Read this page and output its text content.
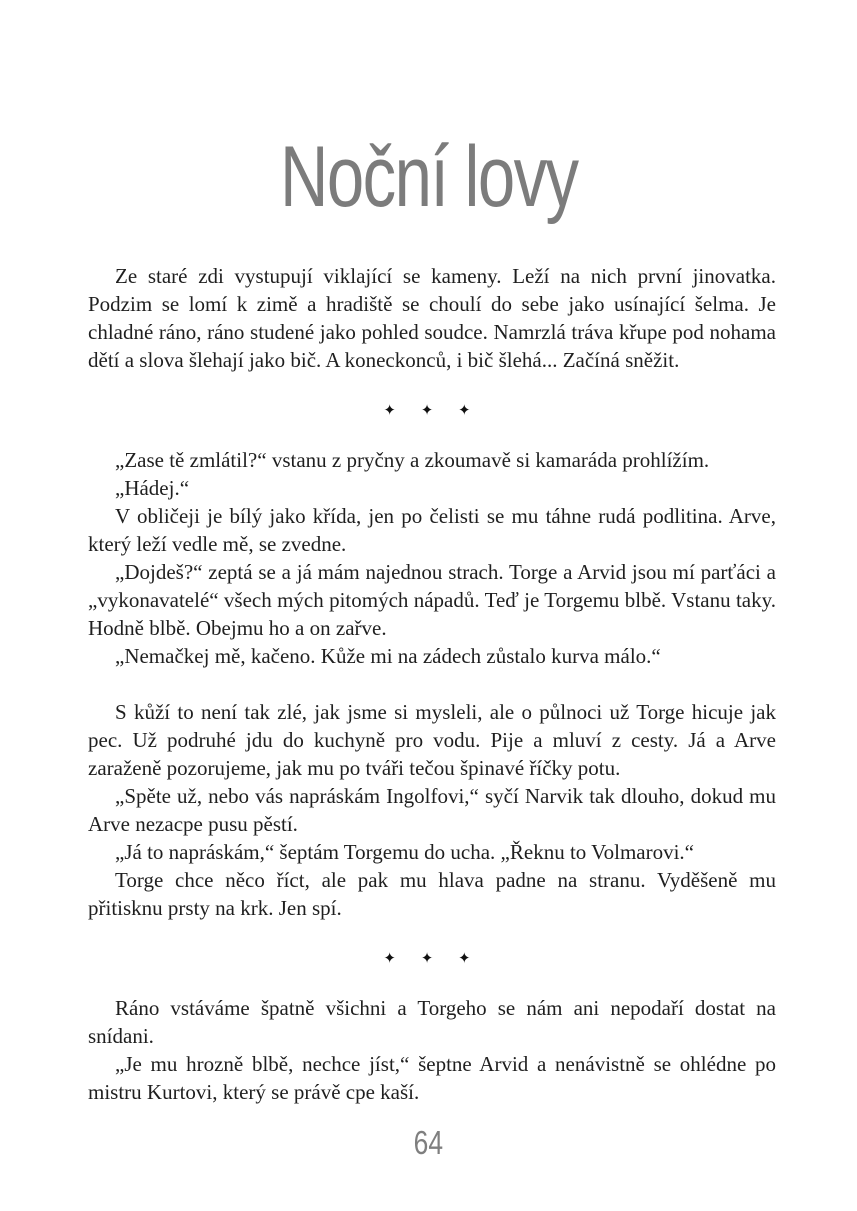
Noční lovy

Ze staré zdi vystupují viklající se kameny. Leží na nich první jinovatka. Podzim se lomí k zimě a hradiště se choulí do sebe jako usínající šelma. Je chladné ráno, ráno studené jako pohled soudce. Namrzlá tráva křupe pod nohama dětí a slova šlehají jako bič. A koneckonců, i bič šlehá... Začíná sněžit.

✦ ✦ ✦

„Zase tě zmlátil?“ vstanu z pryčny a zkoumavě si kamaráda prohlížím.

„Hádej.“

V obličeji je bílý jako křída, jen po čelisti se mu táhne rudá podlitina. Arve, který leží vedle mě, se zvedne.

„Dojdeš?“ zeptá se a já mám najednou strach. Torge a Arvid jsou mí parťáci a „vykonavatelé“ všech mých pitomých nápadů. Teď je Torgemu blbě. Vstanu taky. Hodně blbě. Obejmu ho a on zařve.

„Nemačkej mě, kačeno. Kůže mi na zádech zůstalo kurva málo.“

S kůží to není tak zlé, jak jsme si mysleli, ale o půlnoci už Torge hicuje jak pec. Už podruhé jdu do kuchyně pro vodu. Pije a mluví z cesty. Já a Arve zaraženě pozorujeme, jak mu po tváři tečou špinavé říčky potu.

„Spěte už, nebo vás napráskám Ingolfovi,“ syčí Narvik tak dlouho, dokud mu Arve nezacpe pusu pěstí.

„Já to napráskám,“ šeptám Torgemu do ucha. „Řeknu to Volmarovi.“

Torge chce něco říct, ale pak mu hlava padne na stranu. Vyděšeně mu přitisknu prsty na krk. Jen spí.

✦ ✦ ✦

Ráno vstáváme špatně všichni a Torgeho se nám ani nepodaří dostat na snídani.

„Je mu hrozně blbě, nechce jíst,“ šeptne Arvid a nenávistně se ohlédne po mistru Kurtovi, který se právě cpe kaší.

64
